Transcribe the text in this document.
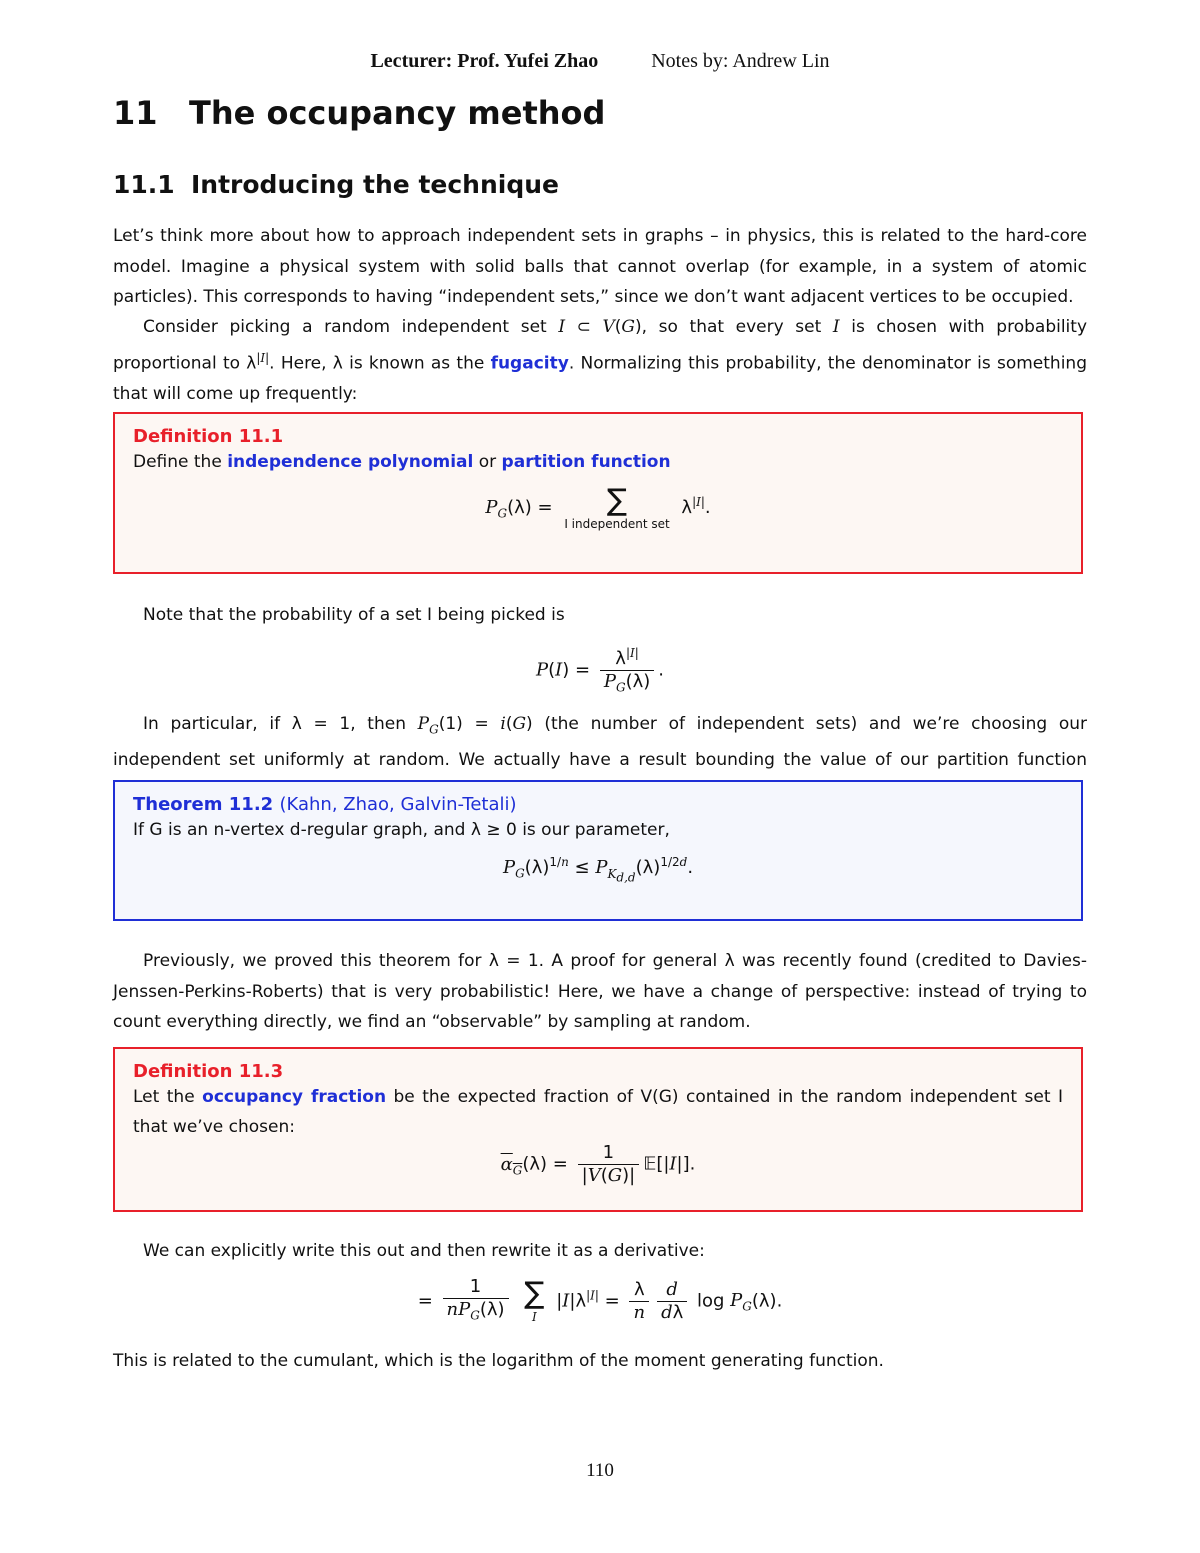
Lecturer: Prof. Yufei Zhao	Notes by: Andrew Lin
11 The occupancy method
11.1 Introducing the technique

Let’s think more about how to approach independent sets in graphs – in physics, this is related to the hard-core model. Imagine a physical system with solid balls that cannot overlap (for example, in a system of atomic particles). This corresponds to having “independent sets,” since we don’t want adjacent vertices to be occupied.

Consider picking a random independent set I ⊂ V(G), so that every set I is chosen with probability proportional to $\lambda^{|I|}$. Here, λ is known as the fugacity. Normalizing this probability, the denominator is something that will come up frequently:

Definition 11.1
Define the independence polynomial or partition function
$P_G(\lambda)$ =	∑
I independent set
$\lambda^{|I|}$.

Note that the probability of a set I being picked is

$P(I) = \frac{\lambda^{|I|}}{P_G(\lambda)}$ .

In particular, if λ = 1, then $P_G(1) = i(G)$ (the number of independent sets) and we’re choosing our independent set uniformly at random. We actually have a result bounding the value of our partition function

Theorem 11.2 (Kahn, Zhao, Galvin-Tetali)
If G is an n-vertex d-regular graph, and λ ≥ 0 is our parameter,
$P_G(\lambda)^{1/n} \le P_{K_{d,d}}(\lambda)^{1/2d}$.

Previously, we proved this theorem for λ = 1. A proof for general λ was recently found (credited to Davies-Jenssen-Perkins-Roberts) that is very probabilistic! Here, we have a change of perspective: instead of trying to count everything directly, we find an “observable” by sampling at random.

Definition 11.3
Let the occupancy fraction be the expected fraction of V(G) contained in the random independent set I that we’ve chosen:
$\alpha_G(\lambda) = \frac{1}{|V(G)|}$ 𝔼[|I|].

We can explicitly write this out and then rewrite it as a derivative:

= $\frac{1}{nP_G(\lambda)}$
∑
I
$|I|\lambda^{|I|} = \frac{\lambda}{n} \frac{d}{d\lambda}$ $\log P_G(\lambda)$.

This is related to the cumulant, which is the logarithm of the moment generating function.

110
